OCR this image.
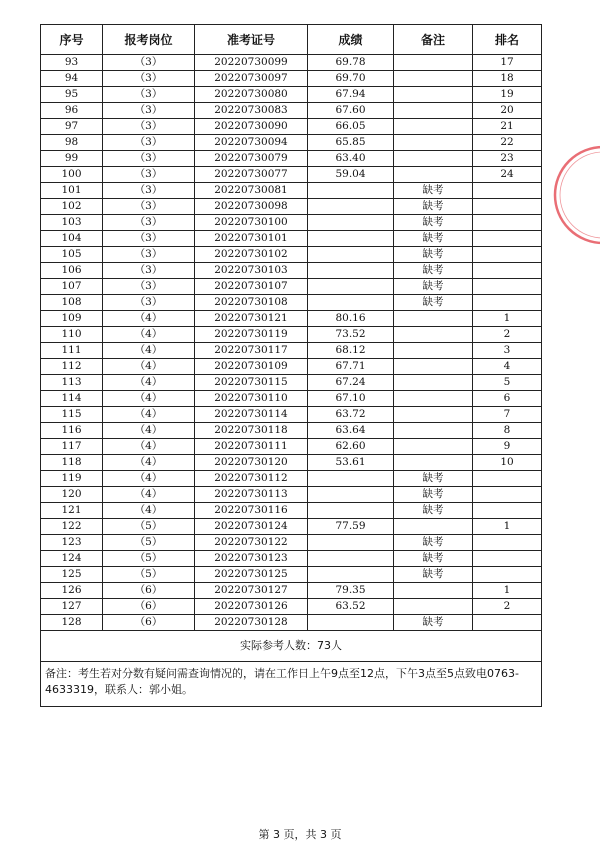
序号	报考岗位	准考证号	成绩	备注	排名
93	（3）	20220730099	69.78		17
94	（3）	20220730097	69.70		18
95	（3）	20220730080	67.94		19
96	（3）	20220730083	67.60		20
97	（3）	20220730090	66.05		21
98	（3）	20220730094	65.85		22
99	（3）	20220730079	63.40		23
100	（3）	20220730077	59.04		24
101	（3）	20220730081		缺考	
102	（3）	20220730098		缺考	
103	（3）	20220730100		缺考	
104	（3）	20220730101		缺考	
105	（3）	20220730102		缺考	
106	（3）	20220730103		缺考	
107	（3）	20220730107		缺考	
108	（3）	20220730108		缺考	
109	（4）	20220730121	80.16		1
110	（4）	20220730119	73.52		2
111	（4）	20220730117	68.12		3
112	（4）	20220730109	67.71		4
113	（4）	20220730115	67.24		5
114	（4）	20220730110	67.10		6
115	（4）	20220730114	63.72		7
116	（4）	20220730118	63.64		8
117	（4）	20220730111	62.60		9
118	（4）	20220730120	53.61		10
119	（4）	20220730112		缺考	
120	（4）	20220730113		缺考	
121	（4）	20220730116		缺考	
122	（5）	20220730124	77.59		1
123	（5）	20220730122		缺考	
124	（5）	20220730123		缺考	
125	（5）	20220730125		缺考	
126	（6）	20220730127	79.35		1
127	（6）	20220730126	63.52		2
128	（6）	20220730128		缺考	
实际参考人数：73人					
备注：考生若对分数有疑问需查询情况的，请在工作日上午9点至12点，下午3点至5点致电0763-4633319，联系人：郭小姐。					
第 3 页，共 3 页
